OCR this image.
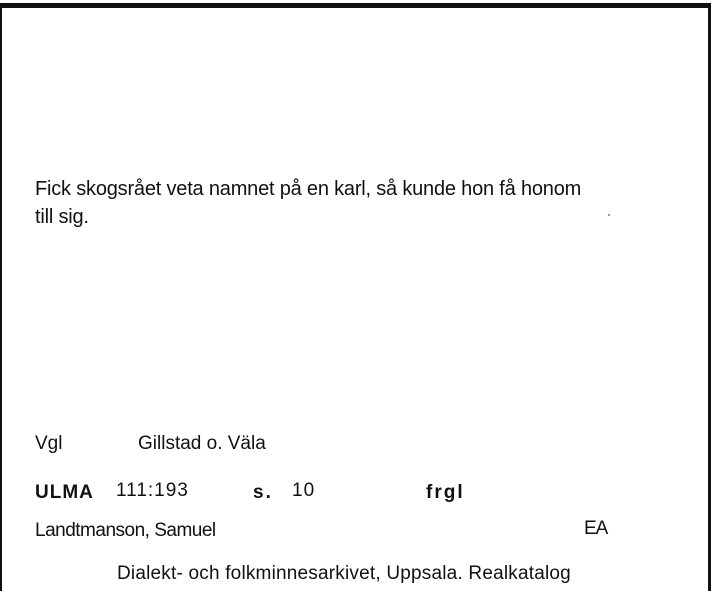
Fick skogsrået veta namnet på en karl, så kunde hon få honom
till sig.
Vgl	Gillstad o. Väla
ULMA 111:193	s. 10	frgl
Landtmanson, Samuel	EA
Dialekt- och folkminnesarkivet, Uppsala. Realkatalog
